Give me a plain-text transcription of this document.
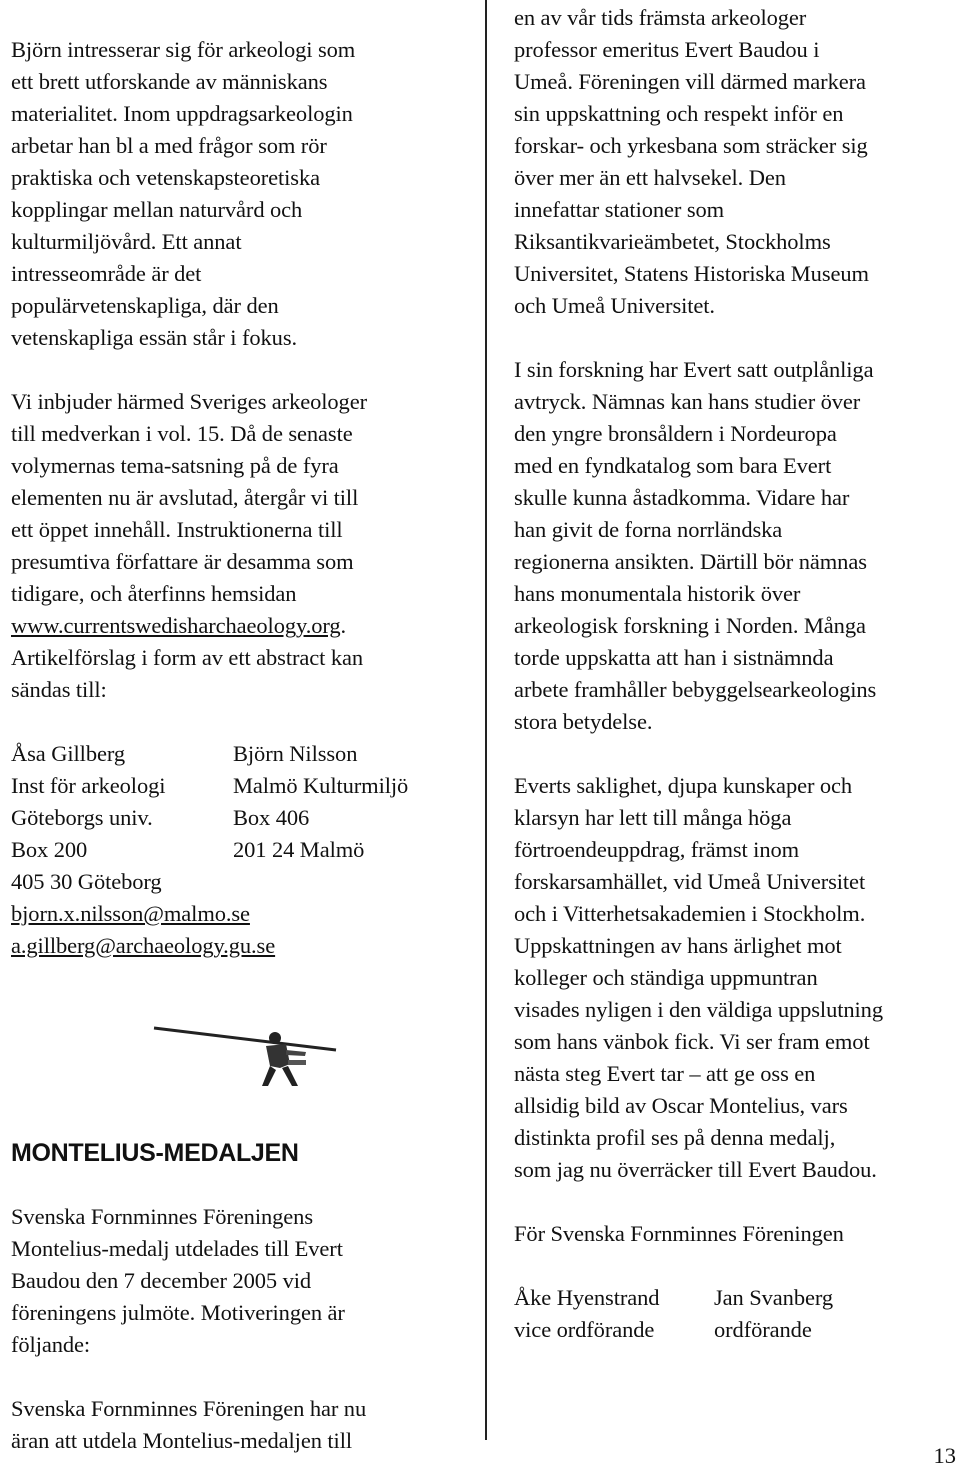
Björn intresserar sig för arkeologi som
ett brett utforskande av människans
materialitet. Inom uppdragsarkeologin
arbetar han bl a med frågor som rör
praktiska och vetenskapsteoretiska
kopplingar mellan naturvård och
kulturmiljövård. Ett annat
intresseområde är det
populärvetenskapliga, där den
vetenskapliga essän står i fokus.

Vi inbjuder härmed Sveriges arkeologer
till medverkan i vol. 15. Då de senaste
volymernas tema-satsning på de fyra
elementen nu är avslutad, återgår vi till
ett öppet innehåll. Instruktionerna till
presumtiva författare är desamma som
tidigare, och återfinns hemsidan

www.currentswedisharchaeology.org.

Artikelförslag i form av ett abstract kan
sändas till:

Åsa Gillberg	Björn Nilsson
Inst för arkeologi	Malmö Kulturmiljö
Göteborgs univ.	Box 406
Box 200	201 24 Malmö

405 30 Göteborg

bjorn.x.nilsson@malmo.se

a.gillberg@archaeology.gu.se

MONTELIUS-MEDALJEN

Svenska Fornminnes Föreningens
Montelius-medalj utdelades till Evert
Baudou den 7 december 2005 vid
föreningens julmöte. Motiveringen är
följande:

Svenska Fornminnes Föreningen har nu
äran att utdela Montelius-medaljen till

en av vår tids främsta arkeologer
professor emeritus Evert Baudou i
Umeå. Föreningen vill därmed markera
sin uppskattning och respekt inför en
forskar- och yrkesbana som sträcker sig
över mer än ett halvsekel. Den
innefattar stationer som
Riksantikvarieämbetet, Stockholms
Universitet, Statens Historiska Museum
och Umeå Universitet.

I sin forskning har Evert satt outplånliga
avtryck. Nämnas kan hans studier över
den yngre bronsåldern i Nordeuropa
med en fyndkatalog som bara Evert
skulle kunna åstadkomma. Vidare har
han givit de forna norrländska
regionerna ansikten. Därtill bör nämnas
hans monumentala historik över
arkeologisk forskning i Norden. Många
torde uppskatta att han i sistnämnda
arbete framhåller bebyggelsearkeologins
stora betydelse.

Everts saklighet, djupa kunskaper och
klarsyn har lett till många höga
förtroendeuppdrag, främst inom
forskarsamhället, vid Umeå Universitet
och i Vitterhetsakademien i Stockholm.
Uppskattningen av hans ärlighet mot
kolleger och ständiga uppmuntran
visades nyligen i den väldiga uppslutning
som hans vänbok fick. Vi ser fram emot
nästa steg Evert tar – att ge oss en
allsidig bild av Oscar Montelius, vars
distinkta profil ses på denna medalj,
som jag nu överräcker till Evert Baudou.

För Svenska Fornminnes Föreningen

Åke Hyenstrand	Jan Svanberg
vice ordförande	ordförande
13
